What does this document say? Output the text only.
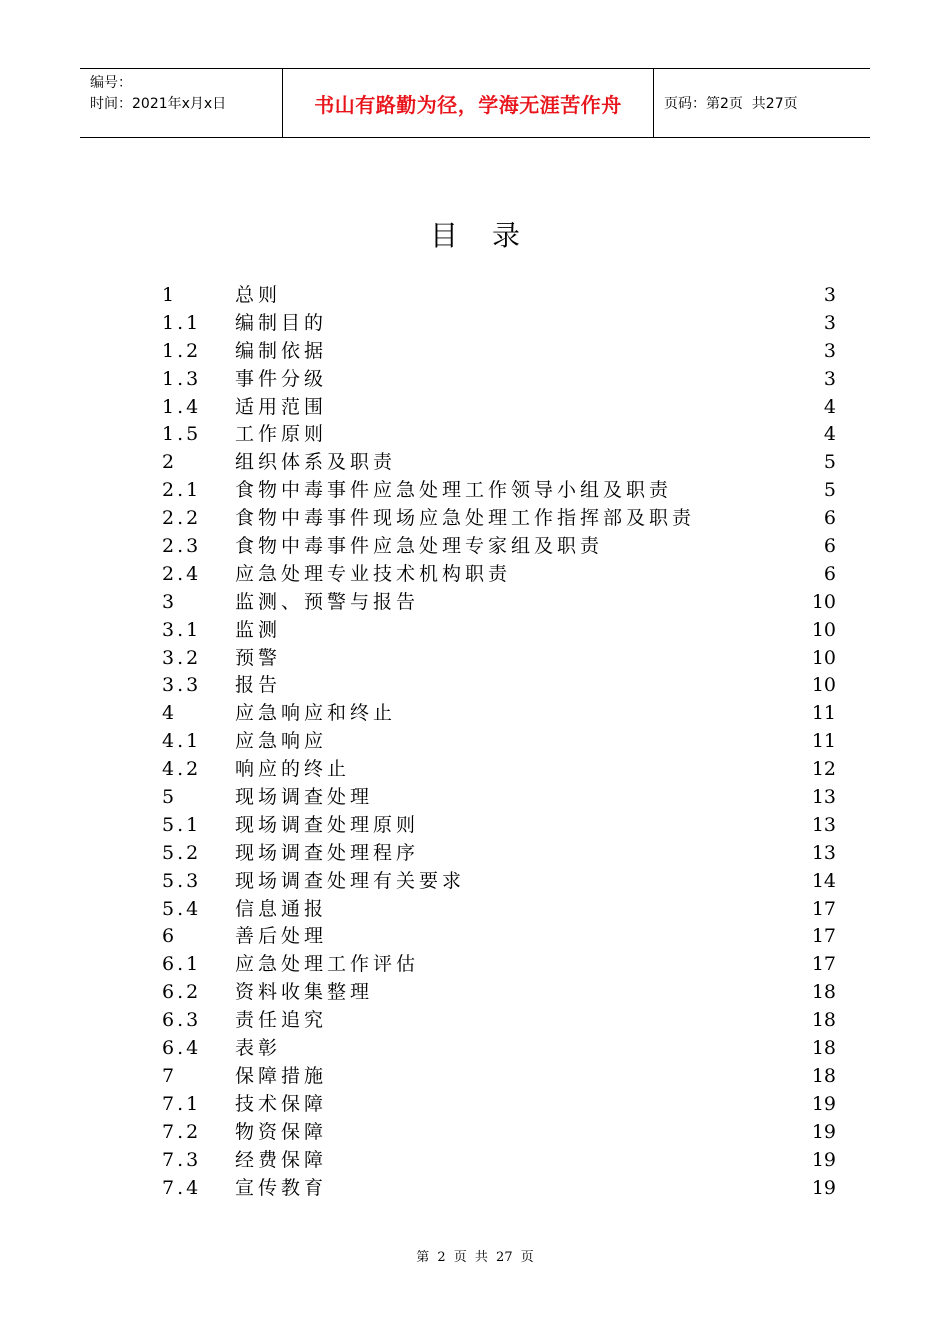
编号：
时间：2021年x月x日	书山有路勤为径，学海无涯苦作舟	页码：第2页  共27页
目录
1	总则	3
1.1 编制目的	3
1.2 编制依据	3
1.3 事件分级	3
1.4 适用范围	4
1.5 工作原则	4
2	组织体系及职责	5
2.1 食物中毒事件应急处理工作领导小组及职责	5
2.2 食物中毒事件现场应急处理工作指挥部及职责	6
2.3 食物中毒事件应急处理专家组及职责	6
2.4 应急处理专业技术机构职责	6
3	监测、预警与报告	10
3.1 监测	10
3.2 预警	10
3.3 报告	10
4	应急响应和终止	11
4.1 应急响应	11
4.2 响应的终止	12
5	现场调查处理	13
5.1 现场调查处理原则	13
5.2 现场调查处理程序	13
5.3 现场调查处理有关要求	14
5.4 信息通报	17
6	善后处理	17
6.1 应急处理工作评估	17
6.2 资料收集整理	18
6.3 责任追究	18
6.4 表彰	18
7	保障措施	18
7.1 技术保障	19
7.2 物资保障	19
7.3 经费保障	19
7.4 宣传教育	19
第 2 页 共 27 页
